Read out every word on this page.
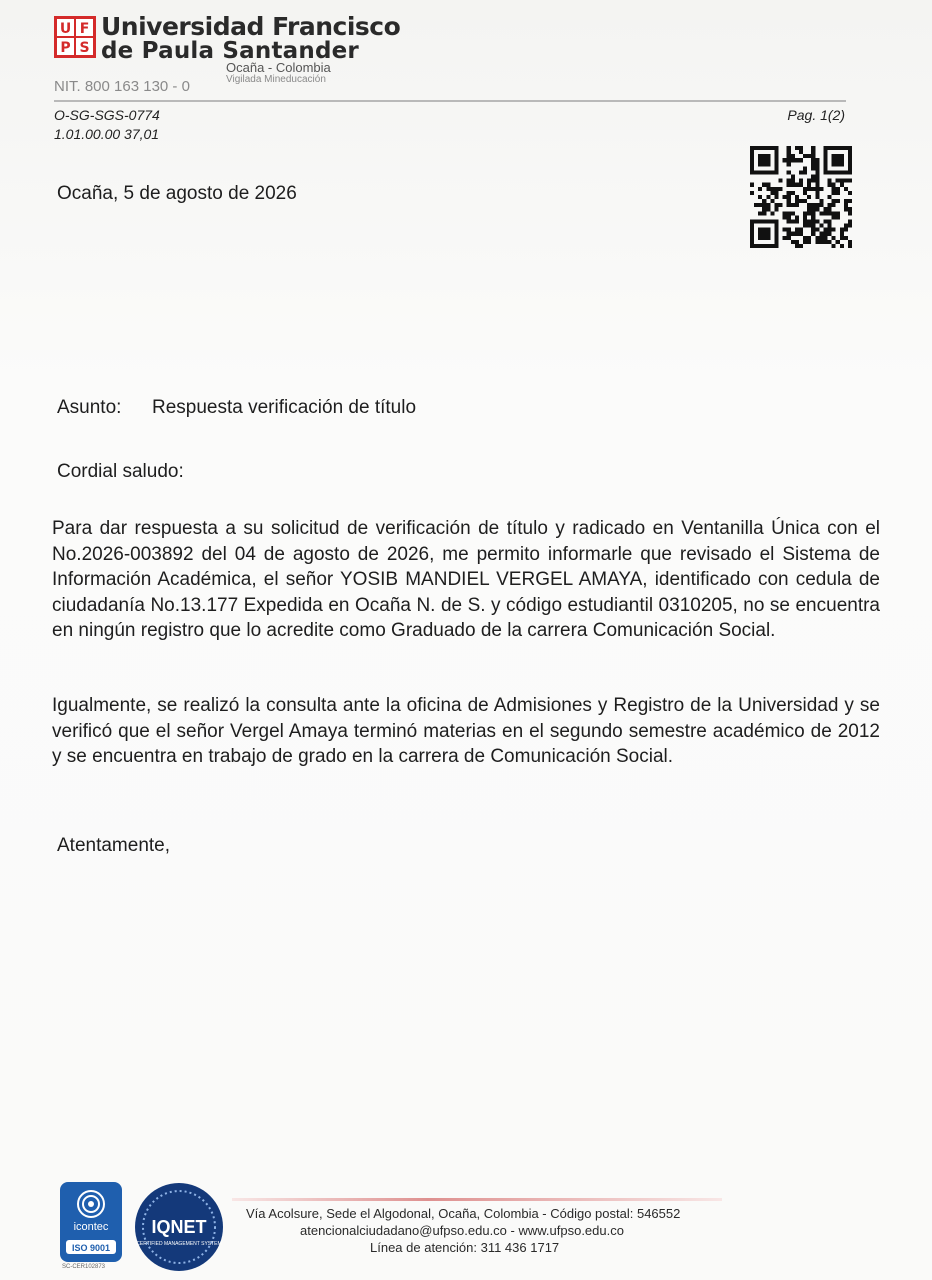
U F
P S
Universidad Francisco
de Paula Santander
Ocaña - Colombia
Vigilada Mineducación
NIT. 800 163 130 - 0
O-SG-SGS-0774
1.01.00.00 37,01
Pag. 1(2)
Ocaña, 5 de agosto de 2026
Asunto: Respuesta verificación de título
Cordial saludo:
Para dar respuesta a su solicitud de verificación de título y radicado en Ventanilla Única con el No.2026-003892 del 04 de agosto de 2026, me permito informarle que revisado el Sistema de Información Académica, el señor YOSIB MANDIEL VERGEL AMAYA, identificado con cedula de ciudadanía No.13.177 Expedida en Ocaña N. de S. y código estudiantil 0310205, no se encuentra en ningún registro que lo acredite como Graduado de la carrera Comunicación Social.
Igualmente, se realizó la consulta ante la oficina de Admisiones y Registro de la Universidad y se verificó que el señor Vergel Amaya terminó materias en el segundo semestre académico de 2012 y se encuentra en trabajo de grado en la carrera de Comunicación Social.
Atentamente,
icontec
ISO 9001
SC-CER102873
IQNET
CERTIFIED MANAGEMENT SYSTEM
Vía Acolsure, Sede el Algodonal, Ocaña, Colombia - Código postal: 546552
atencionalciudadano@ufpso.edu.co - www.ufpso.edu.co
Línea de atención: 311 436 1717
